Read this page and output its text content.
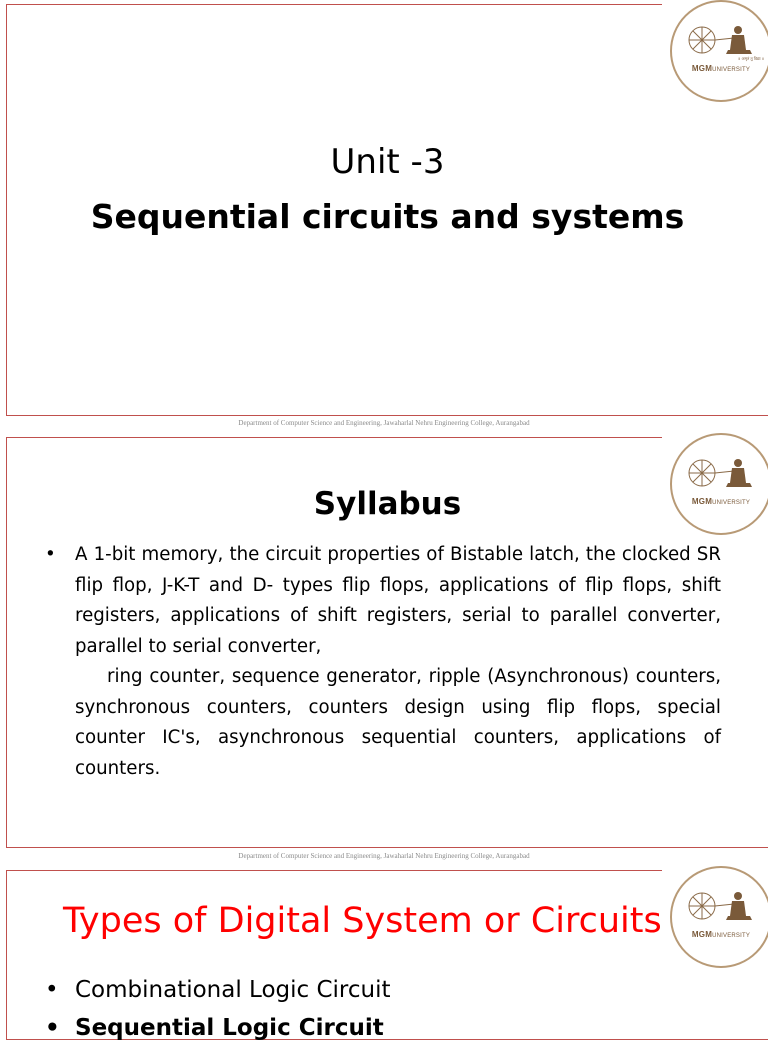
॥ अमृतं तु विद्या ॥
MGMUNIVERSITY
Unit -3
Sequential circuits and systems
Department of Computer Science and Engineering, Jawaharlal Nehru Engineering College, Aurangabad
MGMUNIVERSITY
Syllabus
• A 1-bit memory, the circuit properties of Bistable latch, the clocked SR flip flop, J-K-T and D- types flip flops, applications of flip flops, shift registers, applications of shift registers, serial to parallel converter, parallel to serial converter,
ring counter, sequence generator, ripple (Asynchronous) counters, synchronous counters, counters design using flip flops, special counter IC's, asynchronous sequential counters, applications of counters.
Department of Computer Science and Engineering, Jawaharlal Nehru Engineering College, Aurangabad
Types of Digital System or Circuits	MGMUNIVERSITY
• Combinational Logic Circuit
• Sequential Logic Circuit
